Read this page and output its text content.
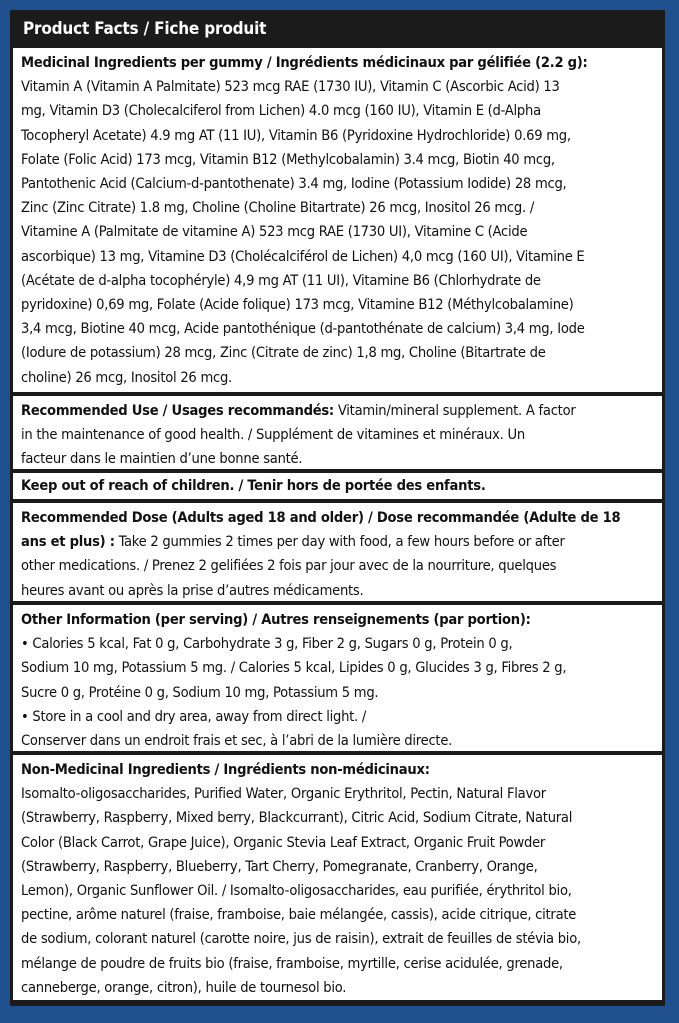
Product Facts / Fiche produit
Medicinal Ingredients per gummy / Ingrédients médicinaux par gélifiée (2.2 g):
Vitamin A (Vitamin A Palmitate) 523 mcg RAE (1730 IU), Vitamin C (Ascorbic Acid) 13
mg, Vitamin D3 (Cholecalciferol from Lichen) 4.0 mcg (160 IU), Vitamin E (d-Alpha
Tocopheryl Acetate) 4.9 mg AT (11 IU), Vitamin B6 (Pyridoxine Hydrochloride) 0.69 mg,
Folate (Folic Acid) 173 mcg, Vitamin B12 (Methylcobalamin) 3.4 mcg, Biotin 40 mcg,
Pantothenic Acid (Calcium-d-pantothenate) 3.4 mg, Iodine (Potassium Iodide) 28 mcg,
Zinc (Zinc Citrate) 1.8 mg, Choline (Choline Bitartrate) 26 mcg, Inositol 26 mcg. /
Vitamine A (Palmitate de vitamine A) 523 mcg RAE (1730 UI), Vitamine C (Acide
ascorbique) 13 mg, Vitamine D3 (Cholécalciférol de Lichen) 4,0 mcg (160 UI), Vitamine E
(Acétate de d-alpha tocophéryle) 4,9 mg AT (11 UI), Vitamine B6 (Chlorhydrate de
pyridoxine) 0,69 mg, Folate (Acide folique) 173 mcg, Vitamine B12 (Méthylcobalamine)
3,4 mcg, Biotine 40 mcg, Acide pantothénique (d-pantothénate de calcium) 3,4 mg, Iode
(Iodure de potassium) 28 mcg, Zinc (Citrate de zinc) 1,8 mg, Choline (Bitartrate de
choline) 26 mcg, Inositol 26 mcg.
Recommended Use / Usages recommandés: Vitamin/mineral supplement. A factor
in the maintenance of good health. / Supplément de vitamines et minéraux. Un
facteur dans le maintien d’une bonne santé.
Keep out of reach of children. / Tenir hors de portée des enfants.
Recommended Dose (Adults aged 18 and older) / Dose recommandée (Adulte de 18
ans et plus) : Take 2 gummies 2 times per day with food, a few hours before or after
other medications. / Prenez 2 gelifiées 2 fois par jour avec de la nourriture, quelques
heures avant ou après la prise d’autres médicaments.
Other Information (per serving) / Autres renseignements (par portion):
• Calories 5 kcal, Fat 0 g, Carbohydrate 3 g, Fiber 2 g, Sugars 0 g, Protein 0 g,
Sodium 10 mg, Potassium 5 mg. / Calories 5 kcal, Lipides 0 g, Glucides 3 g, Fibres 2 g,
Sucre 0 g, Protéine 0 g, Sodium 10 mg, Potassium 5 mg.
• Store in a cool and dry area, away from direct light. /
Conserver dans un endroit frais et sec, à l’abri de la lumière directe.
Non-Medicinal Ingredients / Ingrédients non-médicinaux:
Isomalto-oligosaccharides, Purified Water, Organic Erythritol, Pectin, Natural Flavor
(Strawberry, Raspberry, Mixed berry, Blackcurrant), Citric Acid, Sodium Citrate, Natural
Color (Black Carrot, Grape Juice), Organic Stevia Leaf Extract, Organic Fruit Powder
(Strawberry, Raspberry, Blueberry, Tart Cherry, Pomegranate, Cranberry, Orange,
Lemon), Organic Sunflower Oil. / Isomalto-oligosaccharides, eau purifiée, érythritol bio,
pectine, arôme naturel (fraise, framboise, baie mélangée, cassis), acide citrique, citrate
de sodium, colorant naturel (carotte noire, jus de raisin), extrait de feuilles de stévia bio,
mélange de poudre de fruits bio (fraise, framboise, myrtille, cerise acidulée, grenade,
canneberge, orange, citron), huile de tournesol bio.
